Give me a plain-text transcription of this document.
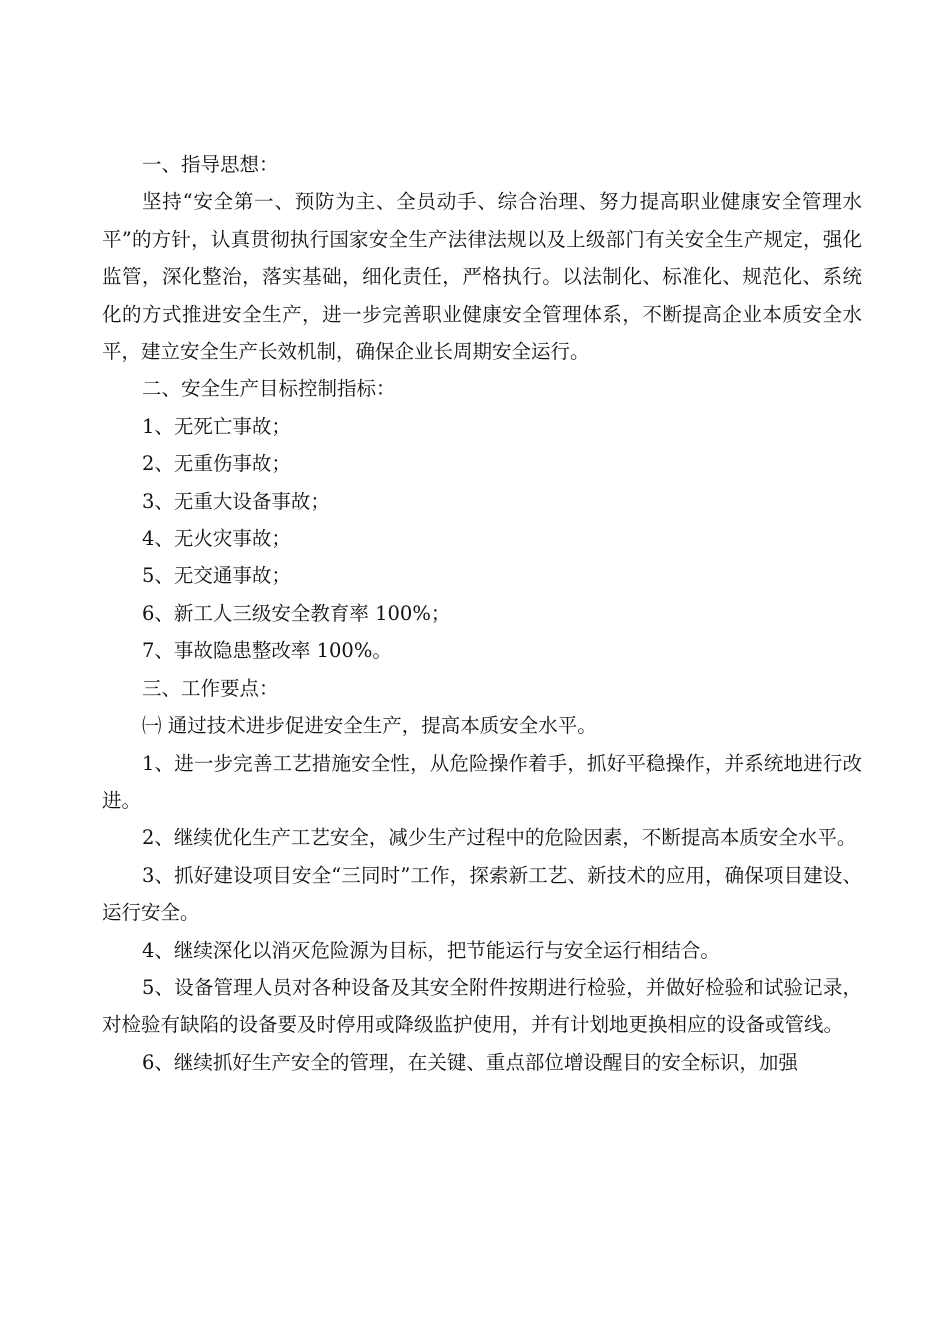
一、指导思想：

坚持“安全第一、预防为主、全员动手、综合治理、努力提高职业健康安全管理水平”的方针，认真贯彻执行国家安全生产法律法规以及上级部门有关安全生产规定，强化监管，深化整治，落实基础，细化责任，严格执行。以法制化、标准化、规范化、系统化的方式推进安全生产，进一步完善职业健康安全管理体系，不断提高企业本质安全水平，建立安全生产长效机制，确保企业长周期安全运行。

二、安全生产目标控制指标：

1、无死亡事故；

2、无重伤事故；

3、无重大设备事故；

4、无火灾事故；

5、无交通事故；

6、新工人三级安全教育率 100%；

7、事故隐患整改率 100%。

三、工作要点：

㈠ 通过技术进步促进安全生产，提高本质安全水平。

1、进一步完善工艺措施安全性，从危险操作着手，抓好平稳操作，并系统地进行改进。

2、继续优化生产工艺安全，减少生产过程中的危险因素，不断提高本质安全水平。

3、抓好建设项目安全“三同时”工作，探索新工艺、新技术的应用，确保项目建设、运行安全。

4、继续深化以消灭危险源为目标，把节能运行与安全运行相结合。

5、设备管理人员对各种设备及其安全附件按期进行检验，并做好检验和试验记录，对检验有缺陷的设备要及时停用或降级监护使用，并有计划地更换相应的设备或管线。

6、继续抓好生产安全的管理，在关键、重点部位增设醒目的安全标识，加强
